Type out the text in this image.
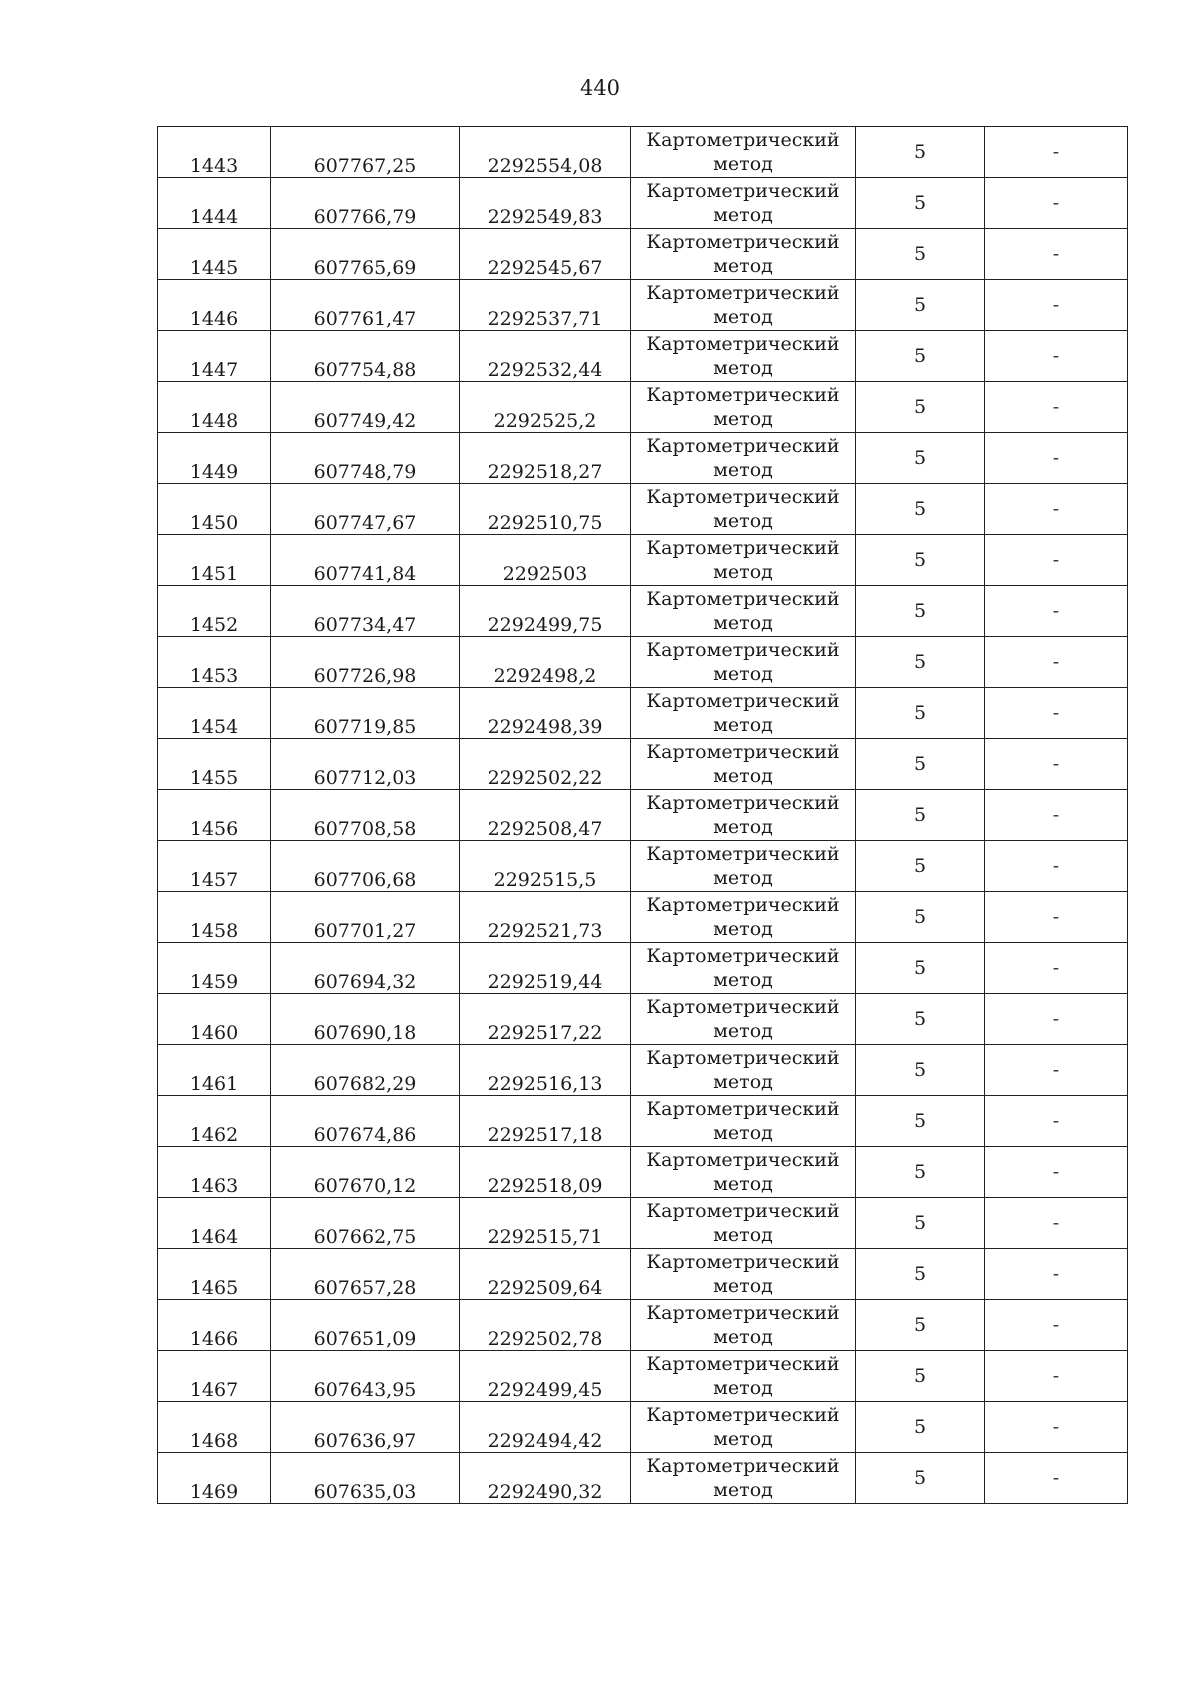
440
1443	607767,25	2292554,08	Картометрический
метод	5	-
1444	607766,79	2292549,83	Картометрический
метод	5	-
1445	607765,69	2292545,67	Картометрический
метод	5	-
1446	607761,47	2292537,71	Картометрический
метод	5	-
1447	607754,88	2292532,44	Картометрический
метод	5	-
1448	607749,42	2292525,2	Картометрический
метод	5	-
1449	607748,79	2292518,27	Картометрический
метод	5	-
1450	607747,67	2292510,75	Картометрический
метод	5	-
1451	607741,84	2292503	Картометрический
метод	5	-
1452	607734,47	2292499,75	Картометрический
метод	5	-
1453	607726,98	2292498,2	Картометрический
метод	5	-
1454	607719,85	2292498,39	Картометрический
метод	5	-
1455	607712,03	2292502,22	Картометрический
метод	5	-
1456	607708,58	2292508,47	Картометрический
метод	5	-
1457	607706,68	2292515,5	Картометрический
метод	5	-
1458	607701,27	2292521,73	Картометрический
метод	5	-
1459	607694,32	2292519,44	Картометрический
метод	5	-
1460	607690,18	2292517,22	Картометрический
метод	5	-
1461	607682,29	2292516,13	Картометрический
метод	5	-
1462	607674,86	2292517,18	Картометрический
метод	5	-
1463	607670,12	2292518,09	Картометрический
метод	5	-
1464	607662,75	2292515,71	Картометрический
метод	5	-
1465	607657,28	2292509,64	Картометрический
метод	5	-
1466	607651,09	2292502,78	Картометрический
метод	5	-
1467	607643,95	2292499,45	Картометрический
метод	5	-
1468	607636,97	2292494,42	Картометрический
метод	5	-
1469	607635,03	2292490,32	Картометрический
метод	5	-
